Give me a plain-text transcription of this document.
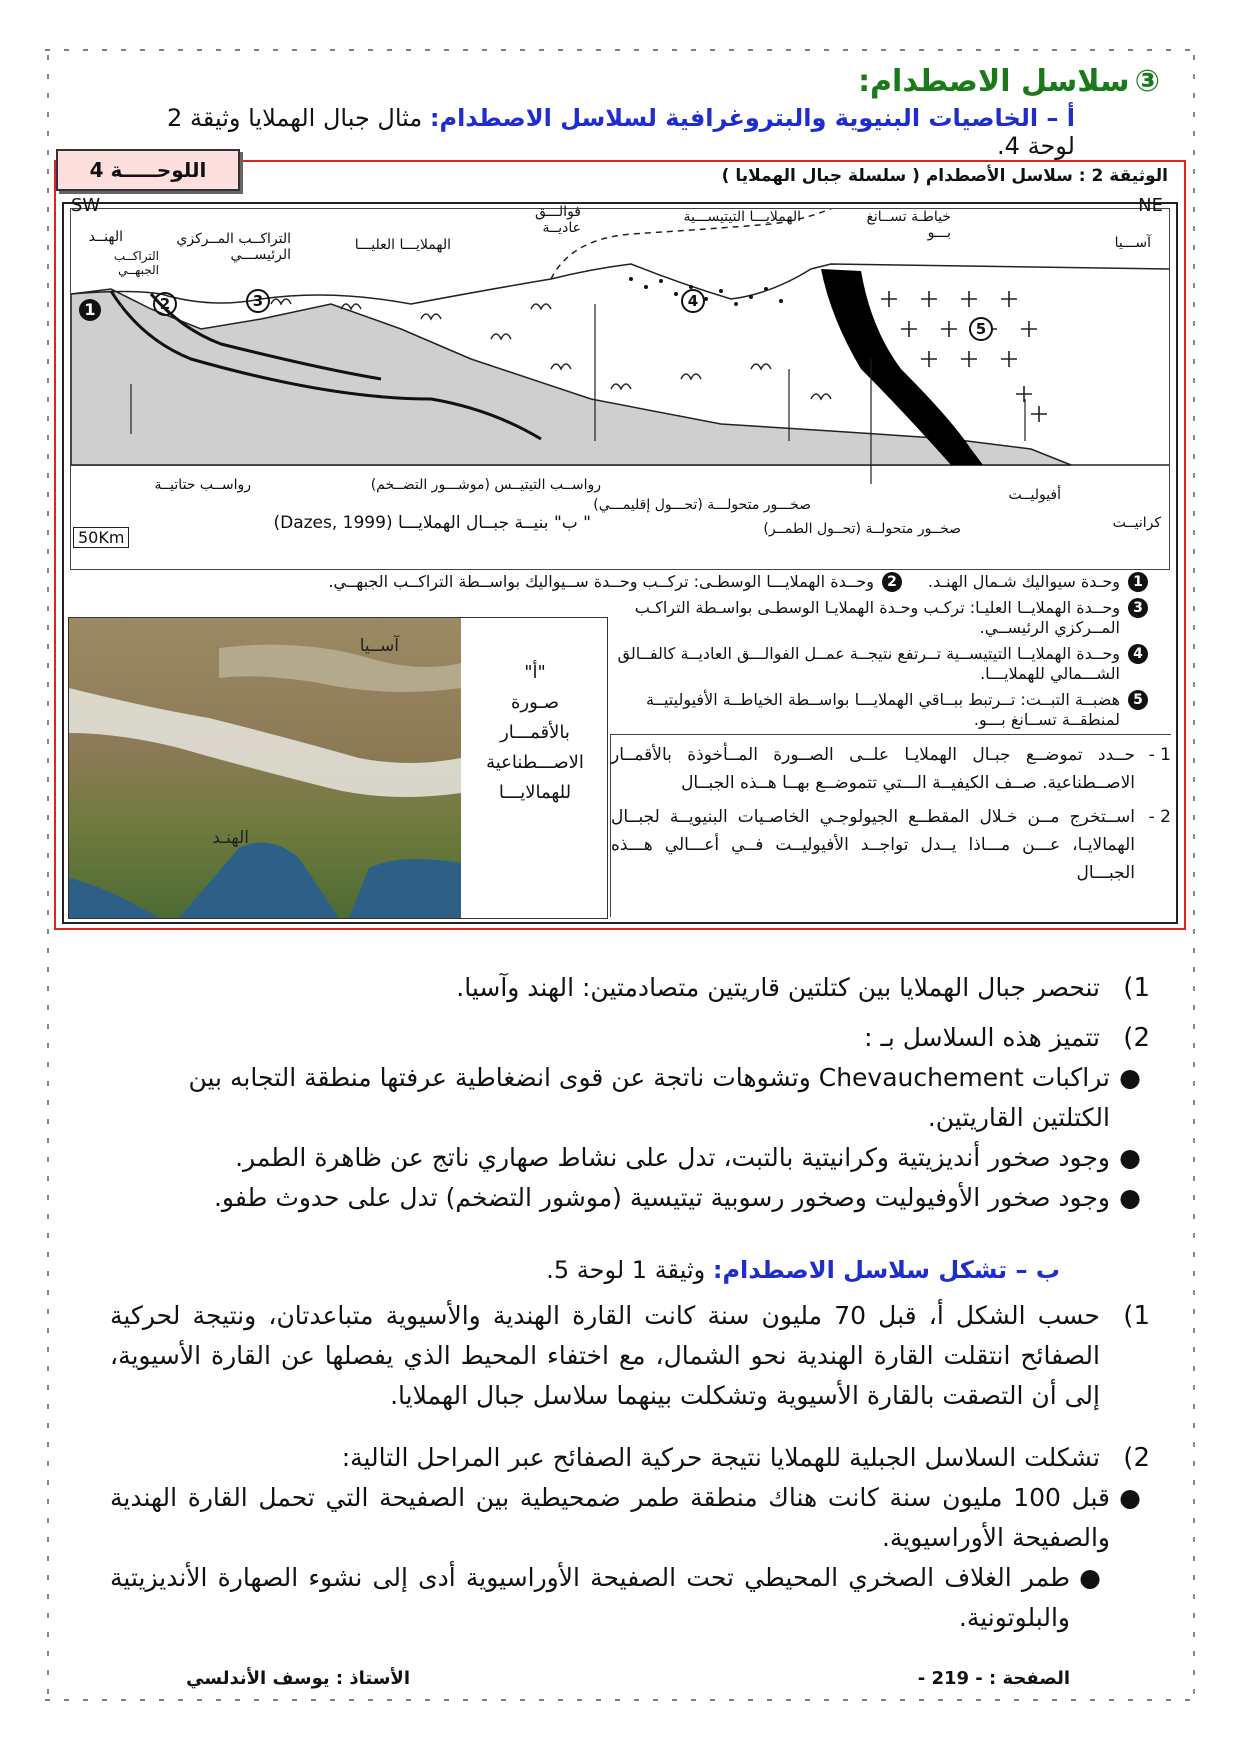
③ سلاسل الاصطدام:
أ – الخاصيات البنيوية والبتروغرافية لسلاسل الاصطدام: مثال جبال الهملايا وثيقة 2 لوحة 4.
اللوحـــــة 4	الوثيقة 2 : سلاسل الأصطدام ( سلسلة جبال الهملايا )
SW	NE
الهنــد
التراكــب الجبهــي
التراكــب المــركزي الرئيســـي
الهملايـــا العليـــا
فوالـــق عاديــة
الهملايـــا التيتيســـية	خياطـة تســانغ بـــو
آســـيا
رواســب حتاتيــة	رواســب التيتيــس (موشـــور التضــخم)
صخـــور متحولـــة (تحـــول إقليمـــي)
صخــور متحولــة (تحــول الطمــر)
أفيوليــت
كرانيــت
" ب" بنيــة جبــال الهملايـــا (Dazes, 1999)
50Km
1	2	3	4
5
1
وحـدة سيواليك شـمال الهنـد.
2
وحــدة الهملايـــا الوسطـى: تركــب وحــدة ســيواليك بواســطة التراكــب الجبهــي.
3
وحــدة الهملايــا العليـا: تركـب وحـدة الهملايـا الوسطـى بواسـطة التراكـب المــركزي الرئيســي.
4
وحــدة الهملايــا التيتيســية تــرتفع نتيجــة عمــل الفوالـــق العاديــة كالفــالق الشـــمالي للهملايـــا.
5
هضبــة التبــت: تــرتبط ببــاقي الهملايـــا بواســطة الخياطــة الأفيوليتيــة لمنطقــة تســانغ بـــو.
آســيا
الهنـد
"أ"
صـورة
بالأقمـــار
الاصـــطناعية
للهمالايـــا
1 -
حــدد تموضــع جبـال الهملايـا علــى الصــورة المــأخوذة بالأقمــار الاصــطناعية. صــف الكيفيــة الـــتي تتموضــع بهــا هــذه الجبــال
2 -
اســتخرج مــن خـلال المقطــع الجيولوجـي الخاصـيات البنيويــة لجبــال الهمالايـا، عـــن مـــاذا يــدل تواجــد الأفيوليــت فــي أعـــالي هـــذه الجبـــال
1)
تنحصر جبال الهملايا بين كتلتين قاريتين متصادمتين: الهند وآسيا.
2)
تتميز هذه السلاسل بـ :
●
تراكبات Chevauchement وتشوهات ناتجة عن قوى انضغاطية عرفتها منطقة التجابه بين الكتلتين القاريتين.
●
وجود صخور أنديزيتية وكرانيتية بالتبت، تدل على نشاط صهاري ناتج عن ظاهرة الطمر.
●
وجود صخور الأوفيوليت وصخور رسوبية تيتيسية (موشور التضخم) تدل على حدوث طفو.
ب – تشكل سلاسل الاصطدام: وثيقة 1 لوحة 5.
1)
حسب الشكل أ، قبل 70 مليون سنة كانت القارة الهندية والأسيوية متباعدتان، ونتيجة لحركية الصفائح انتقلت القارة الهندية نحو الشمال، مع اختفاء المحيط الذي يفصلها عن القارة الأسيوية، إلى أن التصقت بالقارة الأسيوية وتشكلت بينهما سلاسل جبال الهملايا.
2)
تشكلت السلاسل الجبلية للهملايا نتيجة حركية الصفائح عبر المراحل التالية:
●
قبل 100 مليون سنة كانت هناك منطقة طمر ضمحيطية بين الصفيحة التي تحمل القارة الهندية والصفيحة الأوراسيوية.
●
طمر الغلاف الصخري المحيطي تحت الصفيحة الأوراسيوية أدى إلى نشوء الصهارة الأنديزيتية والبلوتونية.
الصفحة : - 219 -
الأستاذ : يوسف الأندلسي
